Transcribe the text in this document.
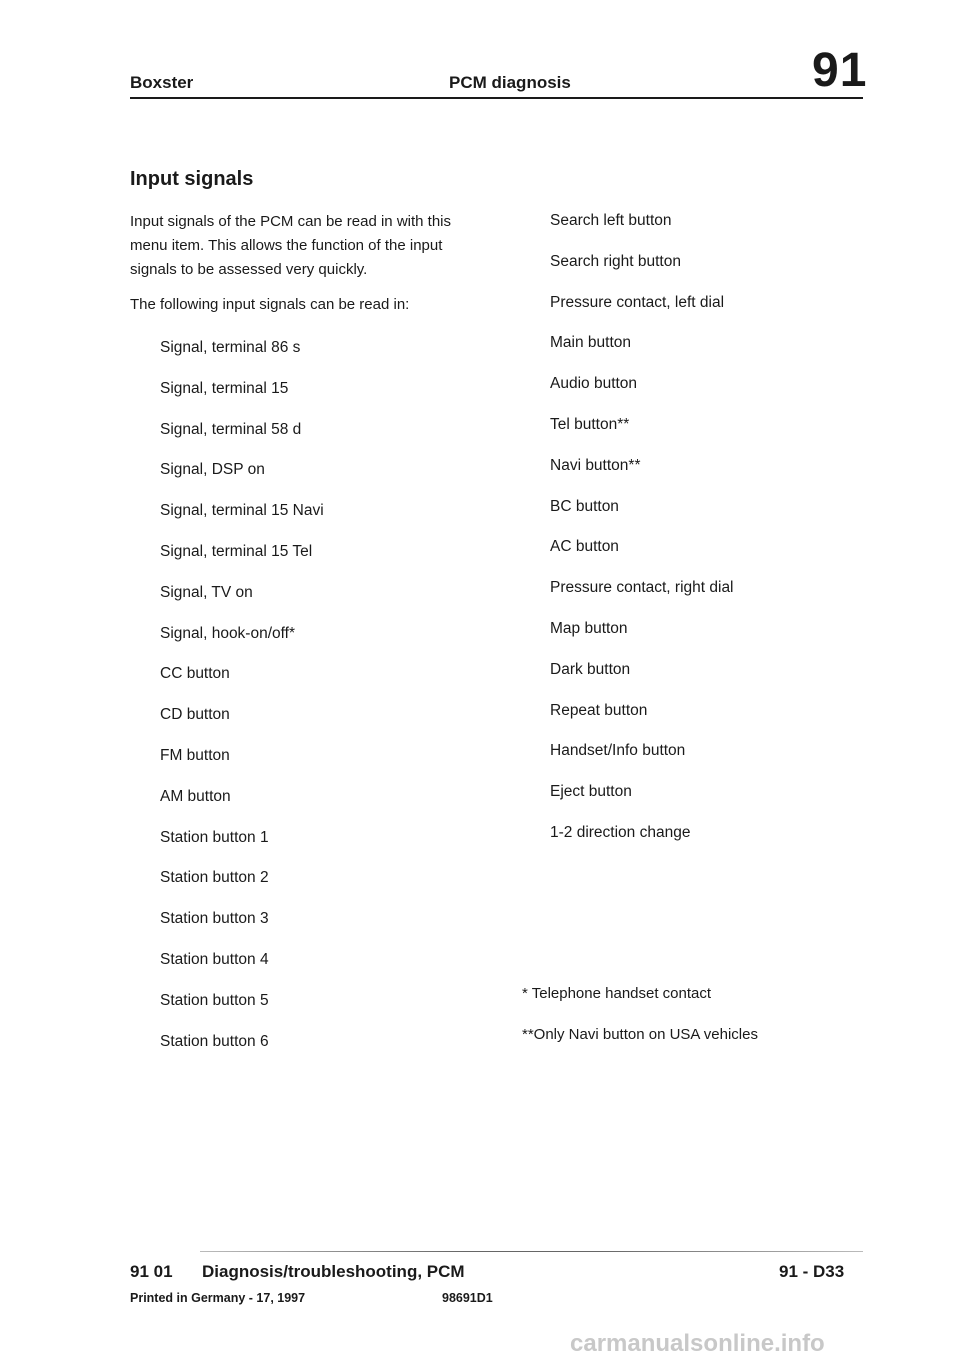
Boxster	PCM diagnosis	91
Input signals

Input signals of the PCM can be read in with this menu item. This allows the function of the input signals to be assessed very quickly.

The following input signals can be read in:

Signal, terminal 86 s
Signal, terminal 15
Signal, terminal 58 d
Signal, DSP on
Signal, terminal 15 Navi
Signal, terminal 15 Tel
Signal, TV on
Signal, hook-on/off*
CC button
CD button
FM button
AM button
Station button 1
Station button 2
Station button 3
Station button 4
Station button 5
Station button 6
Search left button
Search right button
Pressure contact, left dial
Main button
Audio button
Tel button**
Navi button**
BC button
AC button
Pressure contact, right dial
Map button
Dark button
Repeat button
Handset/Info button
Eject button
1-2 direction change
* Telephone handset contact
**Only Navi button on USA vehicles
91 01 Diagnosis/troubleshooting, PCM	91 - D33
Printed in Germany - 17, 1997	98691D1
carmanualsonline.info
